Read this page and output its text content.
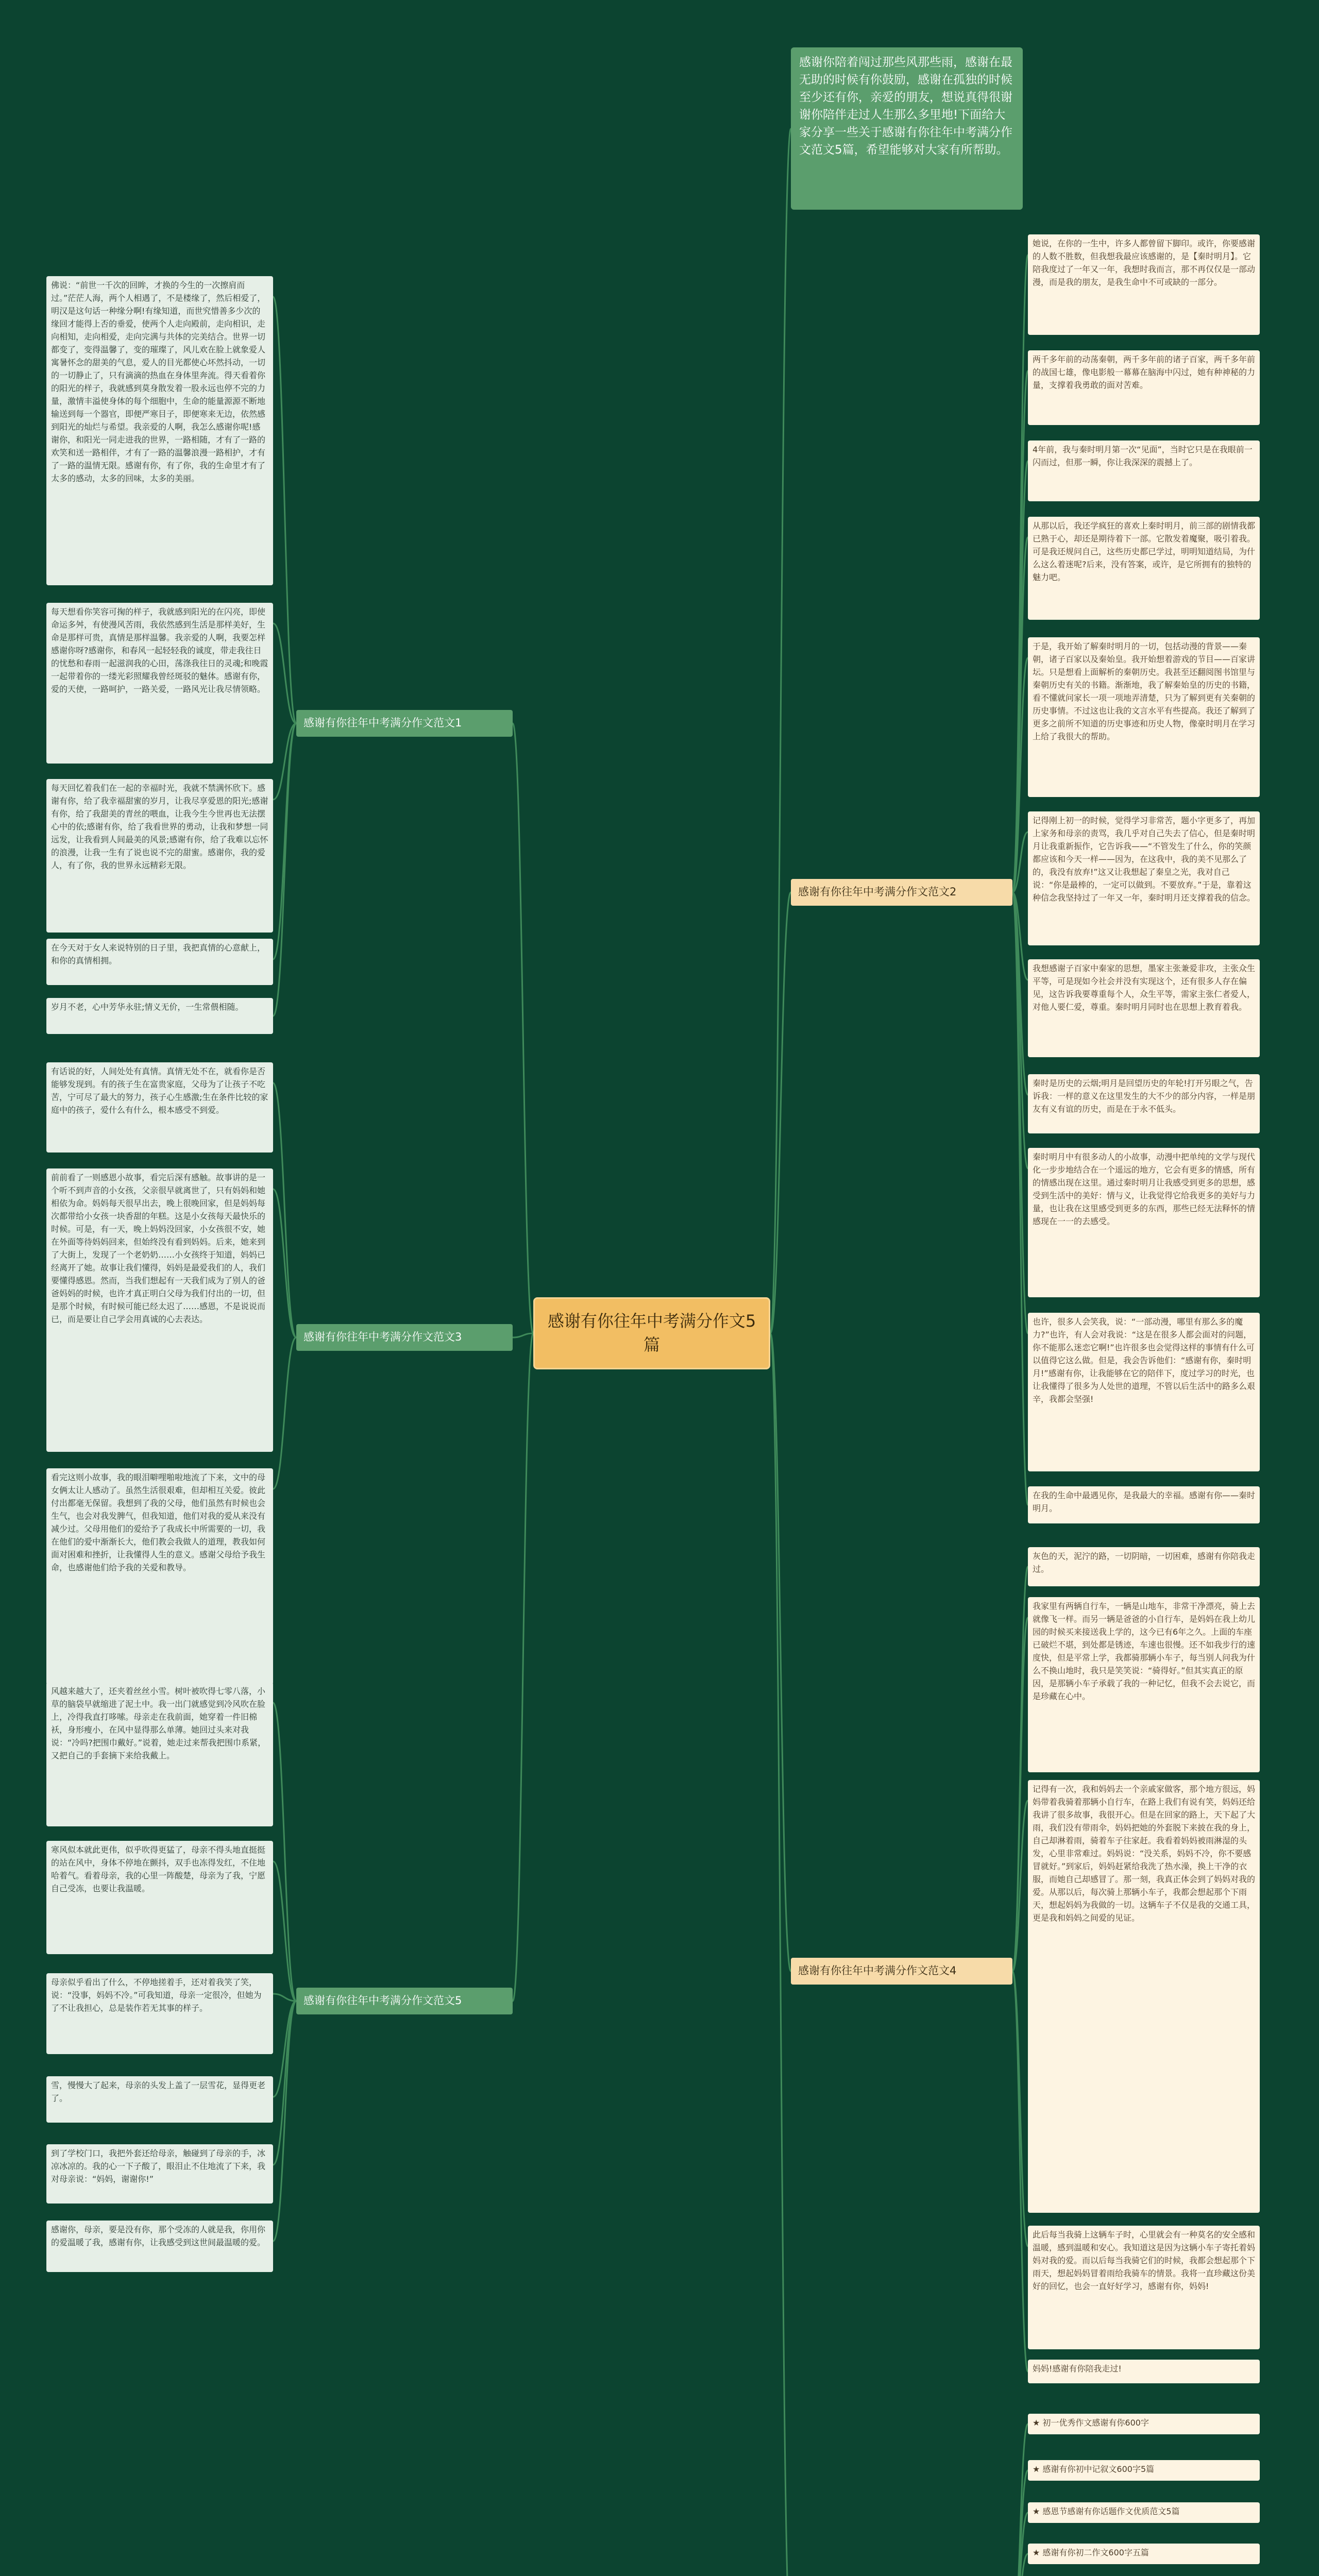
感谢有你往年中考满分作文5篇
感谢你陪着闯过那些风那些雨，感谢在最无助的时候有你鼓励，感谢在孤独的时候至少还有你，亲爱的朋友，想说真得很谢谢你陪伴走过人生那么多里地!下面给大家分享一些关于感谢有你往年中考满分作文范文5篇，希望能够对大家有所帮助。
感谢有你往年中考满分作文范文1
佛说：“前世一千次的回眸，才换的今生的一次擦肩而过。”茫茫人海，两个人相遇了，不是楼缘了，然后相爱了，明汉是这句话一种缘分啊!有缘知道，而世究惜善多少次的缘回才能得上否的垂爱，使两个人走向殿前，走向相识，走向相知，走向相爱，走向完满与共体的完美结合。世界一切都变了，变得温馨了，变的璀璨了，风儿欢在脸上就象爱人寓暑怀念的甜美的气息，爱人的目光都使心坏然抖动，一切的一切静止了，只有滴滴的热血在身体里奔流。得天看着你的阳光的样子，我就感到莫身散发着一股永远也停不完的力量，激情丰溢使身体的每个细胞中，生命的能量源源不断地输送到每一个器官，即便严寒目子，即便寒来无边，依然感到阳光的灿烂与希望。我亲爱的人啊，我怎么感谢你呢!感谢你，和阳光一同走进我的世界，一路相随，才有了一路的欢笑和送一路相伴，才有了一路的温馨浪漫一路相护，才有了一路的温情无限。感谢有你，有了你，我的生命里才有了太多的感动，太多的回味，太多的美丽。
每天想看你笑容可掬的样子，我就感到阳光的在闪亮，即使命运多舛，有使漫风苦雨，我依然感到生活是那样美好，生命是那样可贵，真情是那样温馨。我亲爱的人啊，我要怎样感谢你呀?感谢你，和春风一起轻轻我的诚度，带走我往日的忧愁和春雨一起滋润我的心田，荡涤我往日的灵魂;和晚霞一起带着你的一缕光彩照耀我曾经斑驳的魅体。感谢有你，爱的天使，一路呵护，一路关爱，一路风光让我尽情领略。
每天回忆着我们在一起的幸福时光，我就不禁满怀欣下。感谢有你，给了我幸福甜蜜的岁月，让我尽享爱恩的阳光;感谢有你，给了我甜美的青丝的喂血，让我今生今世再也无法摆心中的依;感谢有你，给了我看世界的勇动，让我和梦想一同远发，让我看到人间最美的风景;感谢有你，给了我难以忘怀的浪漫，让我一生有了说也说不完的甜蜜。感谢你，我的爱人，有了你，我的世界永远精彩无限。
在今天对于女人来说特别的日子里，我把真情的心意献上，和你的真情相拥。
岁月不老，心中芳华永驻;情义无价，一生常偎相随。
感谢有你往年中考满分作文范文2
她说，在你的一生中，许多人都曾留下脚印。或许，你要感谢的人数不胜数，但我想我最应该感谢的，是【秦时明月】。它陪我度过了一年又一年，我想时我而言，那不再仅仅是一部动漫，而是我的朋友，是我生命中不可或缺的一部分。
两千多年前的动荡秦朝，两千多年前的诸子百家，两千多年前的战国七雄，像电影般一幕幕在脑海中闪过，她有种神秘的力量，支撑着我勇敢的面对苦难。
4年前，我与秦时明月第一次“见面”，当时它只是在我眼前一闪而过，但那一瞬，你让我深深的震撼上了。
从那以后，我还学疯狂的喜欢上秦时明月，前三部的剧情我都已熟于心，却还是期待着下一部。它散发着魔聚，吸引着我。可是我还规问自己，这些历史都已学过，明明知道结局，为什么这么着迷呢?后来，没有答案，或许，是它所拥有的独特的魅力吧。
于是，我开始了解秦时明月的一切，包括动漫的背景——秦朝，诸子百家以及秦始皇。我开始想着游戏的节目——百家讲坛。只是想看上面解析的秦朝历史。我甚至还翻阅图书馆里与秦朝历史有关的书籍。渐渐地，我了解秦始皇的历史的书籍，看不懂就问家长一项一项地弄清楚，只为了解到更有关秦朝的历史事情。不过这也让我的文言水平有些提高。我还了解到了更多之前所不知道的历史事迹和历史人物，像豪时明月在学习上给了我很大的帮助。
记得刚上初一的时候，觉得学习非常苦，题小字更多了，再加上家务和母亲的责骂，我几乎对自己失去了信心，但是秦时明月让我重新振作，它告诉我——“不管发生了什么，你的笑颜都应该和今天一样——因为，在这我中，我的美不见那么了的，我没有放弃!”这又让我想起了秦皇之光，我对自己说：“你是最棒的，一定可以做到。不要放弃。”于是，靠着这种信念我坚持过了一年又一年，秦时明月还支撑着我的信念。
我想感谢子百家中秦家的思想，墨家主张兼爱非攻，主张众生平等，可是现如今社会并没有实现这个，还有很多人存在偏见，这告诉我要尊重每个人，众生平等，需家主张仁者爱人，对他人要仁爱，尊重。秦时明月同时也在思想上教育着我。
秦时是历史的云烟;明月是回望历史的年轮!打开另眼之气，告诉我：一样的意义在这里发生的大不少的部分内容，一样是朋友有义有谊的历史，而是在于永不低头。
秦时明月中有很多动人的小故事，动漫中把单纯的文学与现代化一步步地结合在一个遥远的地方，它会有更多的情感，所有的情感出现在这里。通过秦时明月让我感受到更多的思想，感受到生活中的美好：情与义，让我觉得它给我更多的美好与力量，也让我在这里感受到更多的东西，那些已经无法释怀的情感现在一一的去感受。
也许，很多人会笑我，说：“一部动漫，哪里有那么多的魔力?”也许，有人会对我说：“这是在很多人都会面对的问题，你不能那么迷恋它啊!”也许很多也会觉得这样的事情有什么可以值得它这么做。但是，我会告诉他们：“感谢有你，秦时明月!”感谢有你，让我能够在它的陪伴下，度过学习的时光，也让我懂得了很多为人处世的道理，不管以后生活中的路多么艰辛，我都会坚强!
在我的生命中最遇见你，是我最大的幸福。感谢有你——秦时明月。
感谢有你往年中考满分作文范文3
有话说的好，人间处处有真情。真情无处不在，就看你是否能够发现到。有的孩子生在富贵家庭，父母为了让孩子不吃苦，宁可尽了最大的努力，孩子心生感激;生在条件比较的家庭中的孩子，爱什么有什么，根本感受不到爱。
前前看了一则感恩小故事，看完后深有感触。故事讲的是一个听不到声音的小女孩，父亲很早就离世了，只有妈妈和她相依为命。妈妈每天很早出去，晚上很晚回家，但是妈妈每次都带给小女孩一块香甜的年糕。这是小女孩每天最快乐的时候。可是，有一天，晚上妈妈没回家，小女孩很不安，她在外面等待妈妈回来，但始终没有看到妈妈。后来，她来到了大街上，发现了一个老奶奶……小女孩终于知道，妈妈已经离开了她。故事让我们懂得，妈妈是最爱我们的人，我们要懂得感恩。然而，当我们想起有一天我们成为了别人的爸爸妈妈的时候，也许才真正明白父母为我们付出的一切，但是那个时候，有时候可能已经太迟了……感恩，不是说说而已，而是要让自己学会用真诚的心去表达。
看完这则小故事，我的眼泪噼哩啪啦地流了下来，文中的母女俩太让人感动了。虽然生活很艰难，但却相互关爱。彼此付出都毫无保留。我想到了我的父母，他们虽然有时候也会生气，也会对我发脾气，但我知道，他们对我的爱从来没有减少过。父母用他们的爱给予了我成长中所需要的一切，我在他们的爱中渐渐长大，他们教会我做人的道理，教我如何面对困难和挫折，让我懂得人生的意义。感谢父母给予我生命，也感谢他们给予我的关爱和教导。
感谢有你往年中考满分作文范文4
灰色的天，泥泞的路，一切阴暗，一切困难，感谢有你陪我走过。
我家里有两辆自行车，一辆是山地车，非常干净漂亮，骑上去就像飞一样。而另一辆是爸爸的小自行车，是妈妈在我上幼儿园的时候买来接送我上学的，这今已有6年之久。上面的车座已破烂不堪，到处都是锈迹，车速也很慢。还不如我步行的速度快，但是平常上学，我都骑那辆小车子，每当别人问我为什么不换山地时，我只是笑笑说：“骑得好。”但其实真正的原因，是那辆小车子承载了我的一种记忆，但我不会去说它，而是珍藏在心中。
记得有一次，我和妈妈去一个亲戚家做客，那个地方很远，妈妈带着我骑着那辆小自行车，在路上我们有说有笑，妈妈还给我讲了很多故事，我很开心。但是在回家的路上，天下起了大雨，我们没有带雨伞，妈妈把她的外套脱下来披在我的身上，自己却淋着雨，骑着车子往家赶。我看着妈妈被雨淋湿的头发，心里非常难过。妈妈说：“没关系，妈妈不冷，你不要感冒就好。”到家后，妈妈赶紧给我洗了热水澡，换上干净的衣服，而她自己却感冒了。那一刻，我真正体会到了妈妈对我的爱。从那以后，每次骑上那辆小车子，我都会想起那个下雨天，想起妈妈为我做的一切。这辆车子不仅是我的交通工具，更是我和妈妈之间爱的见证。
此后每当我骑上这辆车子时，心里就会有一种莫名的安全感和温暖，感到温暖和安心。我知道这是因为这辆小车子寄托着妈妈对我的爱。而以后每当我骑它们的时候，我都会想起那个下雨天，想起妈妈冒着雨给我骑车的情景。我将一直珍藏这份美好的回忆，也会一直好好学习，感谢有你，妈妈!
妈妈!感谢有你陪我走过!
感谢有你往年中考满分作文范文5
风越来越大了，还夹着丝丝小雪。树叶被吹得七零八落，小草的脑袋早就缩进了泥土中。我一出门就感觉到冷风吹在脸上，冷得我直打哆嗦。母亲走在我前面，她穿着一件旧棉袄，身形瘦小，在风中显得那么单薄。她回过头来对我说：“冷吗?把围巾戴好。”说着，她走过来帮我把围巾系紧，又把自己的手套摘下来给我戴上。
寒风似本就此更伟，似乎吹得更猛了，母亲不得头地直挺挺的站在风中，身体不停地在颤抖，双手也冻得发红，不住地哈着气。看着母亲，我的心里一阵酸楚，母亲为了我，宁愿自己受冻，也要让我温暖。
母亲似乎看出了什么，不停地搓着手，还对着我笑了笑，说：“没事，妈妈不冷。”可我知道，母亲一定很冷，但她为了不让我担心，总是装作若无其事的样子。
雪，慢慢大了起来，母亲的头发上盖了一层雪花，显得更老了。
到了学校门口，我把外套还给母亲，触碰到了母亲的手，冰凉冰凉的。我的心一下子酸了，眼泪止不住地流了下来，我对母亲说：“妈妈，谢谢你!”
感谢你，母亲，要是没有你，那个受冻的人就是我，你用你的爱温暖了我，感谢有你，让我感受到这世间最温暖的爱。
★ 初一优秀作文感谢有你600字
★ 感谢有你初中记叙文600字5篇
★ 感恩节感谢有你话题作文优质范文5篇
★ 感谢有你初二作文600字五篇
